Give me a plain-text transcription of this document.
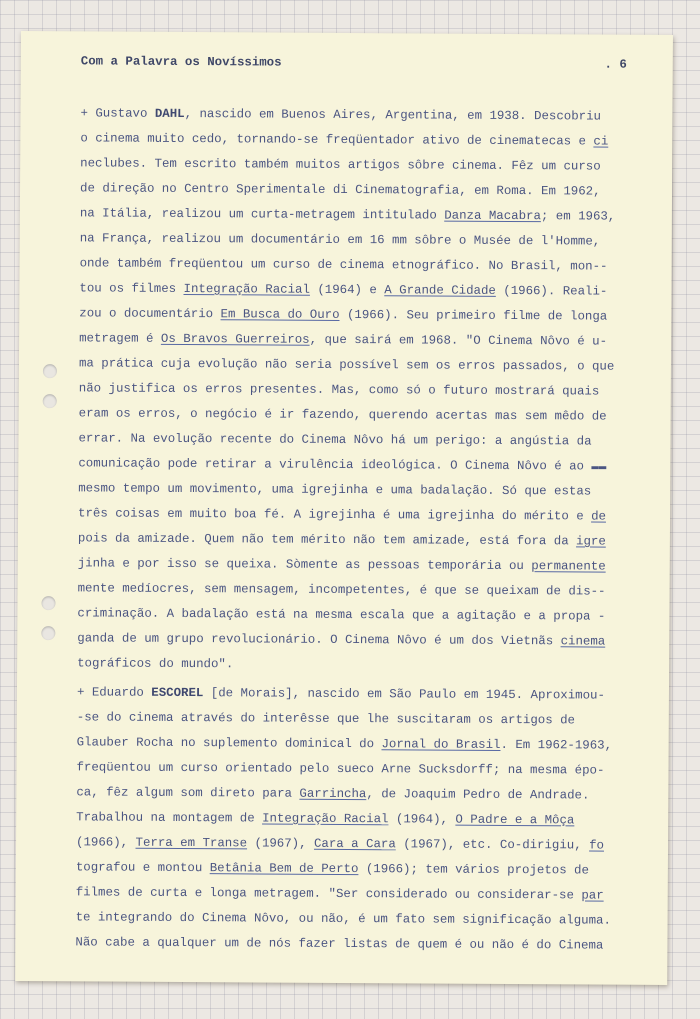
Com a Palavra os Novíssimos	. 6
+ Gustavo DAHL, nascido em Buenos Aires, Argentina, em 1938. Descobriu
o cinema muito cedo, tornando-se freqüentador ativo de cinematecas e ci
neclubes. Tem escrito também muitos artigos sôbre cinema. Fêz um curso
de direção no Centro Sperimentale di Cinematografia, em Roma. Em 1962,
na Itália, realizou um curta-metragem intitulado Danza Macabra; em 1963,
na França, realizou um documentário em 16 mm sôbre o Musée de l'Homme,
onde também freqüentou um curso de cinema etnográfico. No Brasil, mon--
tou os filmes Integração Racial (1964) e A Grande Cidade (1966). Reali-
zou o documentário Em Busca do Ouro (1966). Seu primeiro filme de longa
metragem é Os Bravos Guerreiros, que sairá em 1968. "O Cinema Nôvo é u-
ma prática cuja evolução não seria possível sem os erros passados, o que
não justifica os erros presentes. Mas, como só o futuro mostrará quais
eram os erros, o negócio é ir fazendo, querendo acertas mas sem mêdo de
errar. Na evolução recente do Cinema Nôvo há um perigo: a angústia da
comunicação pode retirar a virulência ideológica. O Cinema Nôvo é ao ▬▬
mesmo tempo um movimento, uma igrejinha e uma badalação. Só que estas
três coisas em muito boa fé. A igrejinha é uma igrejinha do mérito e de
pois da amizade. Quem não tem mérito não tem amizade, está fora da igre
jinha e por isso se queixa. Sòmente as pessoas temporária ou permanente
mente medíocres, sem mensagem, incompetentes, é que se queixam de dis--
criminação. A badalação está na mesma escala que a agitação e a propa -
ganda de um grupo revolucionário. O Cinema Nôvo é um dos Vietnãs cinema
tográficos do mundo".
+ Eduardo ESCOREL [de Morais], nascido em São Paulo em 1945. Aproximou-
-se do cinema através do interêsse que lhe suscitaram os artigos de
Glauber Rocha no suplemento dominical do Jornal do Brasil. Em 1962-1963,
freqüentou um curso orientado pelo sueco Arne Sucksdorff; na mesma épo-
ca, fêz algum som direto para Garrincha, de Joaquim Pedro de Andrade.
Trabalhou na montagem de Integração Racial (1964), O Padre e a Môça
(1966), Terra em Transe (1967), Cara a Cara (1967), etc. Co-dirigiu, fo
tografou e montou Betânia Bem de Perto (1966); tem vários projetos de
filmes de curta e longa metragem. "Ser considerado ou considerar-se par
te integrando do Cinema Nôvo, ou não, é um fato sem significação alguma.
Não cabe a qualquer um de nós fazer listas de quem é ou não é do Cinema
